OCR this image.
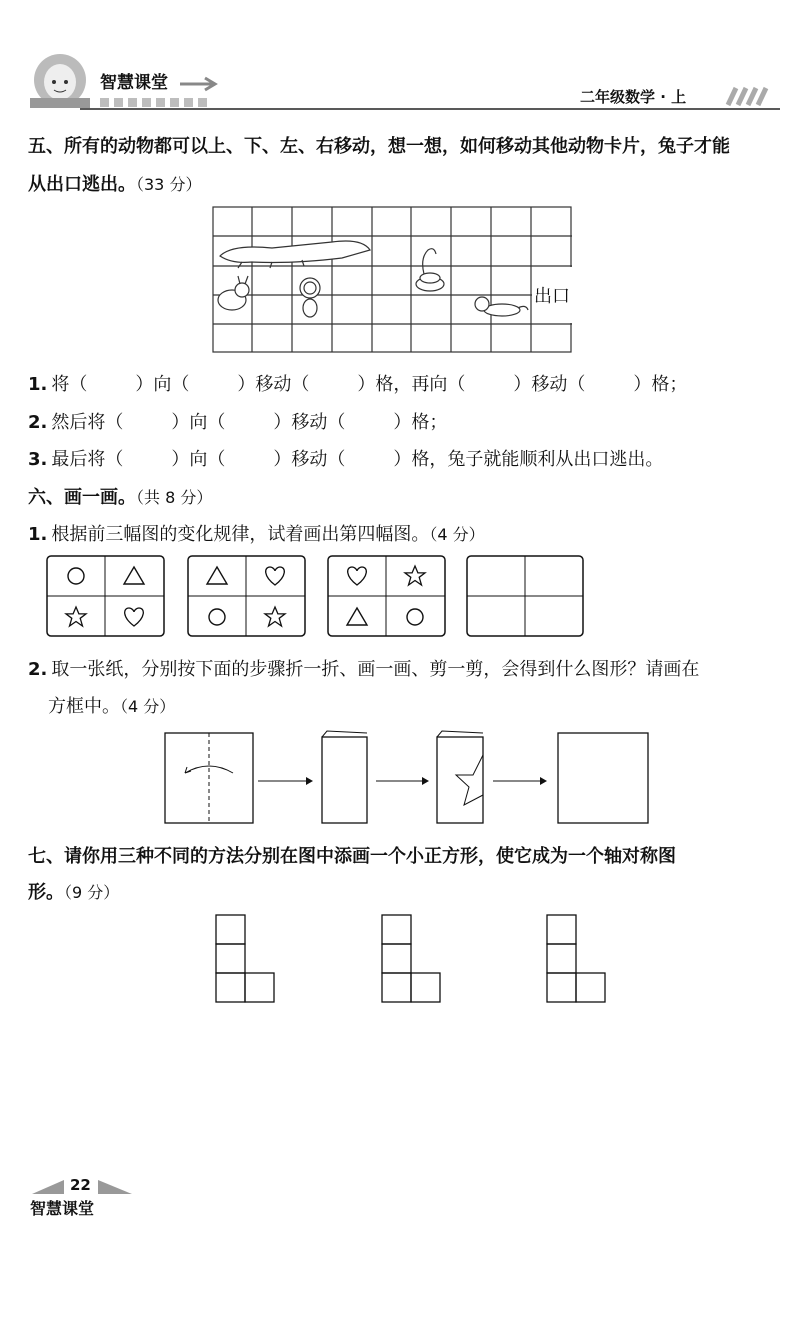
智慧课堂
二年级数学 · 上
五、所有的动物都可以上、下、左、右移动，想一想，如何移动其他动物卡片，兔子才能
从出口逃出。（33 分）
出口
1. 将（	）向（	）移动（	）格，再向（	）移动（	）格；
2. 然后将（	）向（	）移动（	）格；
3. 最后将（	）向（	）移动（	）格，兔子就能顺利从出口逃出。
六、画一画。（共 8 分）
1. 根据前三幅图的变化规律，试着画出第四幅图。（4 分）
2. 取一张纸，分别按下面的步骤折一折、画一画、剪一剪，会得到什么图形？请画在
方框中。（4 分）
七、请你用三种不同的方法分别在图中添画一个小正方形，使它成为一个轴对称图
形。（9 分）
22
智慧课堂
